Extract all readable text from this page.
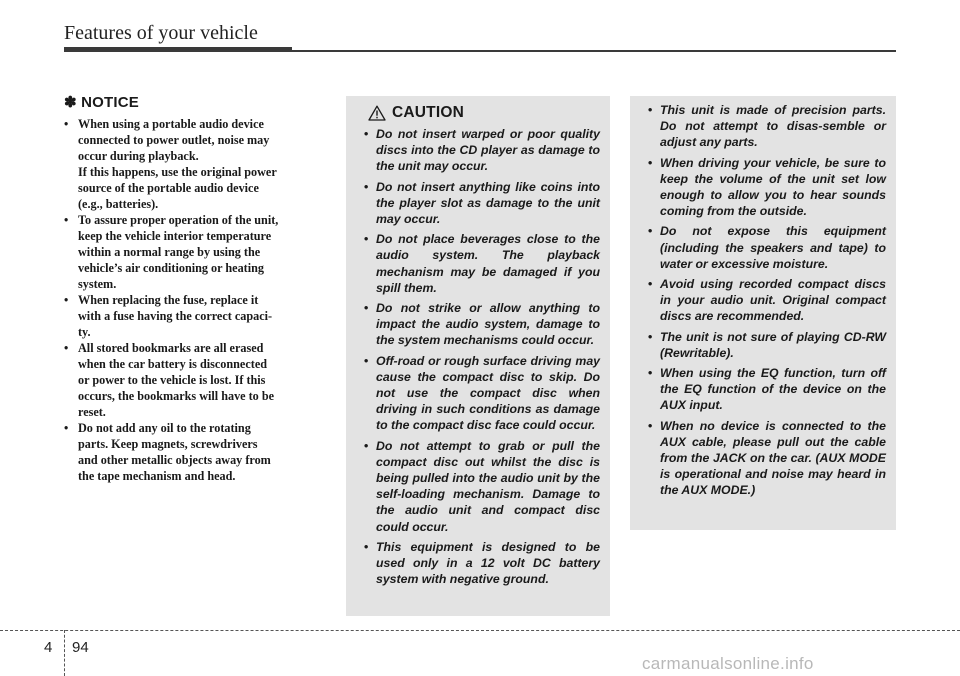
Features of your vehicle
✽ NOTICE
• When using a portable audio device
connected to power outlet, noise may
occur during playback.
If this happens, use the original power
source of the portable audio device
(e.g., batteries).
• To assure proper operation of the unit,
keep the vehicle interior temperature
within a normal range by using the
vehicle’s air conditioning or heating
system.
• When replacing the fuse, replace it
with a fuse having the correct capaci-
ty.
• All stored bookmarks are all erased
when the car battery is disconnected
or power to the vehicle is lost. If this
occurs, the bookmarks will have to be
reset.
• Do not add any oil to the rotating
parts. Keep magnets, screwdrivers
and other metallic objects away from
the tape mechanism and head.
CAUTION
• Do not insert warped or poor quality discs into the CD player as damage to the unit may occur.
• Do not insert anything like coins into the player slot as damage to the unit may occur.
• Do not place beverages close to the audio system. The playback mechanism may be damaged if you spill them.
• Do not strike or allow anything to impact the audio system, damage to the system mechanisms could occur.
• Off-road or rough surface driving may cause the compact disc to skip. Do not use the compact disc when driving in such conditions as damage to the compact disc face could occur.
• Do not attempt to grab or pull the compact disc out whilst the disc is being pulled into the audio unit by the self-loading mechanism. Damage to the audio unit and compact disc could occur.
• This equipment is designed to be used only in a 12 volt DC battery system with negative ground.
• This unit is made of precision parts. Do not attempt to disas-semble or adjust any parts.
• When driving your vehicle, be sure to keep the volume of the unit set low enough to allow you to hear sounds coming from the outside.
• Do not expose this equipment (including the speakers and tape) to water or excessive moisture.
• Avoid using recorded compact discs in your audio unit. Original compact discs are recommended.
• The unit is not sure of playing CD-RW (Rewritable).
• When using the EQ function, turn off the EQ function of the device on the AUX input.
• When no device is connected to the AUX cable, please pull out the cable from the JACK on the car. (AUX MODE is operational and noise may heard in the AUX MODE.)
4 94
carmanualsonline.info
